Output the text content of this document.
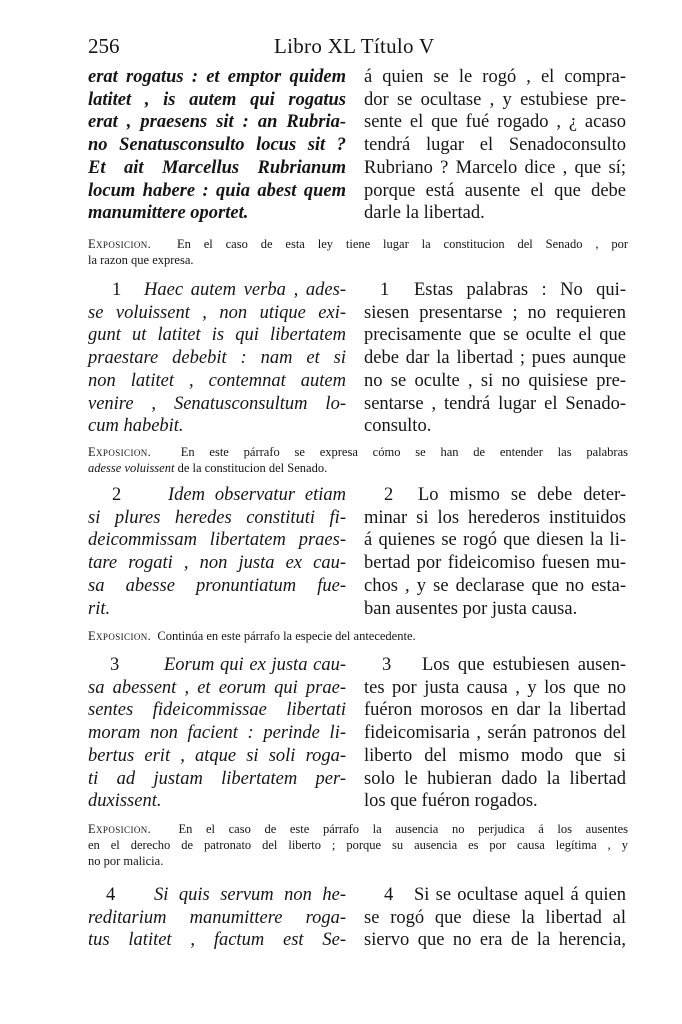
256	Libro XL Título V
erat rogatus : et emptor quidem
latitet , is autem qui rogatus
erat , praesens sit : an Rubria-
no Senatusconsulto locus sit ?
Et ait Marcellus Rubrianum
locum habere : quia abest quem
manumittere oportet.
á quien se le rogó , el compra-
dor se ocultase , y estubiese pre-
sente el que fué rogado , ¿ acaso
tendrá lugar el Senadoconsulto
Rubriano ? Marcelo dice , que sí;
porque está ausente el que debe
darle la libertad.
Exposicion. En el caso de esta ley tiene lugar la constitucion del Senado , por
la razon que expresa.
1 Haec autem verba , ades-
se voluissent , non utique exi-
gunt ut latitet is qui libertatem
praestare debebit : nam et si
non latitet , contemnat autem
venire , Senatusconsultum lo-
cum habebit.
1 Estas palabras : No qui-
siesen presentarse ; no requieren
precisamente que se oculte el que
debe dar la libertad ; pues aunque
no se oculte , si no quisiese pre-
sentarse , tendrá lugar el Senado-
consulto.
Exposicion. En este párrafo se expresa cómo se han de entender las palabras
adesse voluissent de la constitucion del Senado.
2	Idem observatur etiam
si plures heredes constituti fi-
deicommissam libertatem praes-
tare rogati , non justa ex cau-
sa abesse pronuntiatum fue-
rit.
2 Lo mismo se debe deter-
minar si los herederos instituidos
á quienes se rogó que diesen la li-
bertad por fideicomiso fuesen mu-
chos , y se declarase que no esta-
ban ausentes por justa causa.
Exposicion. Continúa en este párrafo la especie del antecedente.
3 Eorum qui ex justa cau-
sa abessent , et eorum qui prae-
sentes fideicommissae libertati
moram non facient : perinde li-
bertus erit , atque si soli roga-
ti ad justam libertatem per-
duxissent.
3 Los que estubiesen ausen-
tes por justa causa , y los que no
fuéron morosos en dar la libertad
fideicomisaria , serán patronos del
liberto del mismo modo que si
solo le hubieran dado la libertad
los que fuéron rogados.
Exposicion. En el caso de este párrafo la ausencia no perjudica á los ausentes
en el derecho de patronato del liberto ; porque su ausencia es por causa legítima , y
no por malicia.
4 Si quis servum non he-
reditarium manumittere roga-
tus latitet , factum est Se-
4 Si se ocultase aquel á quien
se rogó que diese la libertad al
siervo que no era de la herencia,
